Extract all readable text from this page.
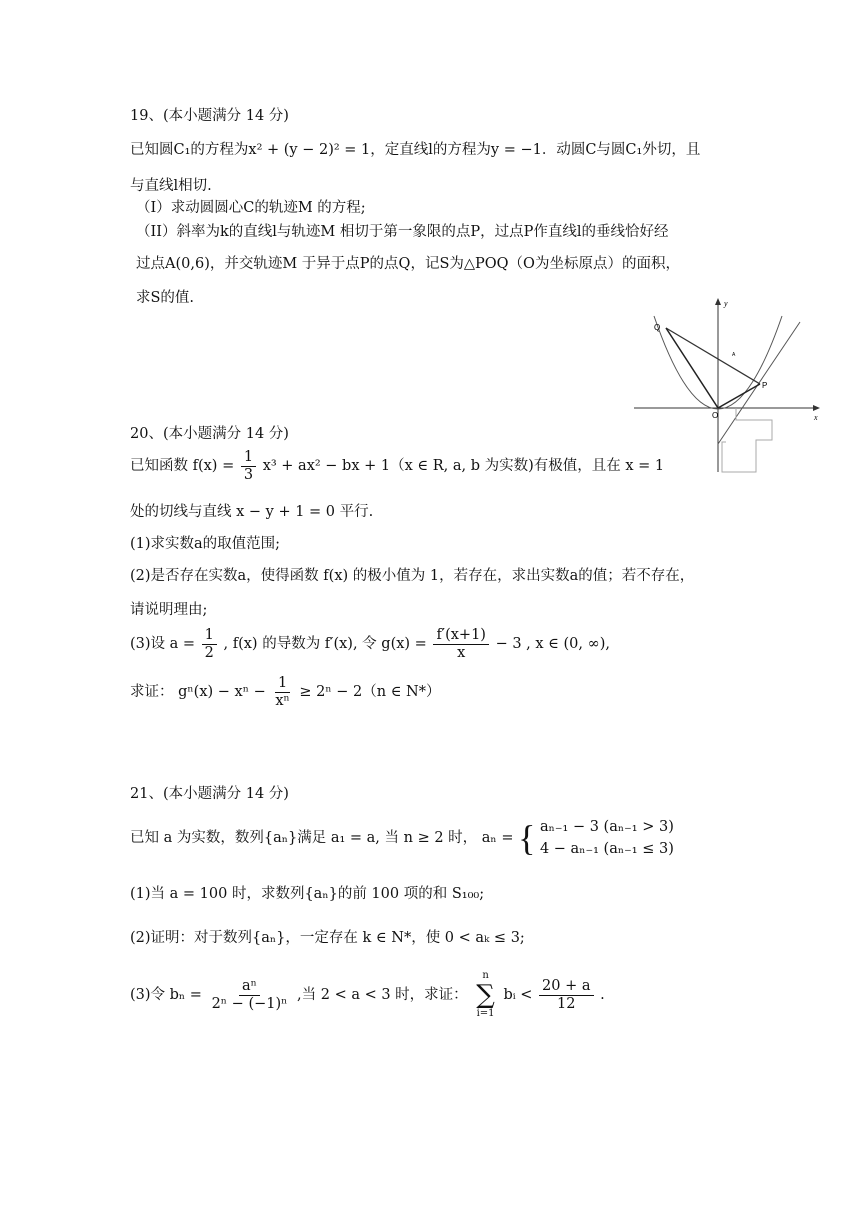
19、(本小题满分 14 分)
已知圆C₁的方程为x² + (y − 2)² = 1，定直线l的方程为y = −1．动圆C与圆C₁外切，且
与直线l相切.
（Ⅰ）求动圆圆心C的轨迹M 的方程;
（II）斜率为k的直线l与轨迹M 相切于第一象限的点P，过点P作直线l的垂线恰好经
过点A(0,6)，并交轨迹M 于异于点P的点Q，记S为△POQ（O为坐标原点）的面积，
求S的值.
x
y
Q
P
O
A
20、(本小题满分 14 分)
已知函数 $f(x) = \frac{1}{3} x^3 + ax^2$ − bx + 1（x ∈ R, a, b 为实数)有极值，且在 x = 1
处的切线与直线 x − y + 1 = 0 平行.
(1)求实数a的取值范围;
(2)是否存在实数a，使得函数 f(x) 的极小值为 1，若存在，求出实数a的值；若不存在，
请说明理由;
(3)设 $a = \frac{1}{2}$ , f(x) 的导数为 f′(x), 令 $g(x) = \frac{f'(x+1)}{x} - 3$ , x ∈ (0, ∞),
求证： $g^n(x) - x^n - \frac{1}{\text{xⁿ}} \ge 2^n - 2(n$ ∈ N*）
21、(本小题满分 14 分)
已知 a 为实数，数列{aₙ}满足 a₁ = a, 当 n ≥ 2 时， aₙ = { aₙ₋₁ − 3 (aₙ₋₁ > 3)
4 − aₙ₋₁ (aₙ₋₁ ≤ 3)
(1)当 a = 100 时，求数列{aₙ}的前 100 项的和 S₁₀₀;
(2)证明：对于数列{aₙ}，一定存在 k ∈ N*，使 0 < aₖ ≤ 3;
(3)令 $b_n = \frac{\text{aⁿ}}{\text{2ⁿ − (−1)ⁿ}}$ ,当 2 < a < 3 时，求证：
n
∑
i=1
bᵢ < $\frac{20 + a}{12}$ .
